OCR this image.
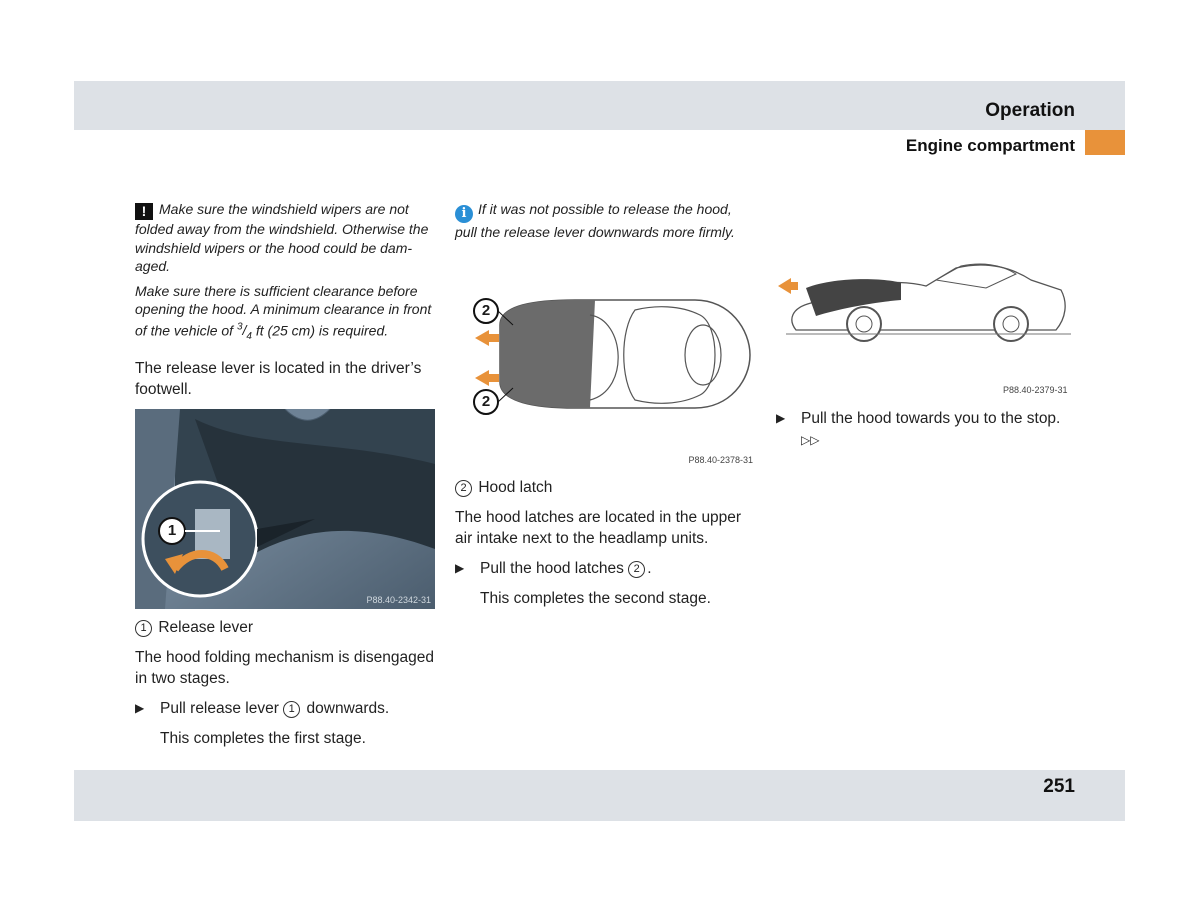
Operation
Engine compartment

! Make sure the windshield wipers are not folded away from the windshield. Otherwise the windshield wipers or the hood could be damaged.

Make sure there is sufficient clearance before opening the hood. A minimum clearance in front of the vehicle of $^3/_4$ ft (25 cm) is required.

The release lever is located in the driver’s footwell.

1
P88.40-2342-31

1 Release lever

The hood folding mechanism is disengaged in two stages.

▶ Pull release lever 1 downwards.

This completes the first stage.

i If it was not possible to release the hood, pull the release lever downwards more firmly.

2
2
P88.40-2378-31

2 Hood latch

The hood latches are located in the upper air intake next to the headlamp units.

▶ Pull the hood latches 2 .

This completes the second stage.

P88.40-2379-31

▶ Pull the hood towards you to the stop. ▷▷

251
